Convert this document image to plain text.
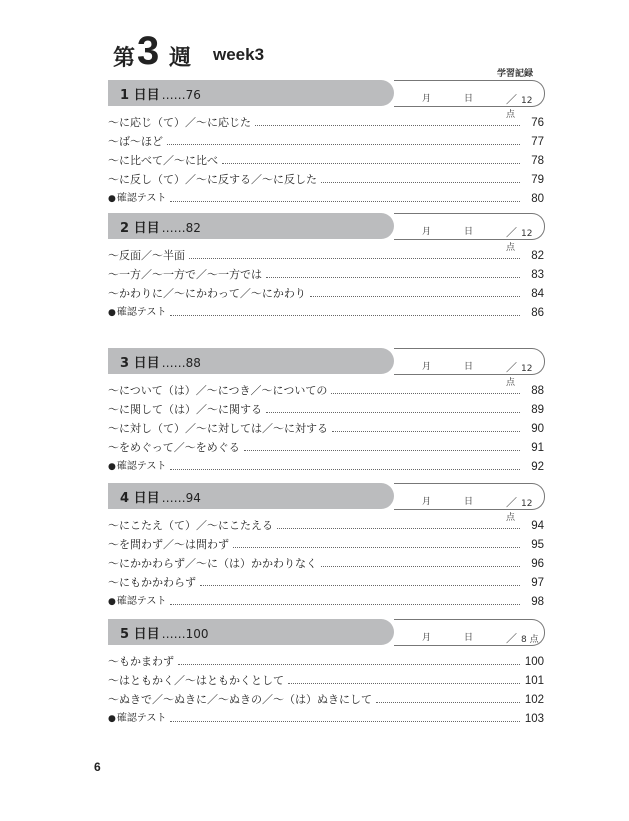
第 3 週 week3
学習記録
1 日目 ……76	月	日	／ 12 点
〜に応じ（て）／〜に応じた	76
〜ば〜ほど	77
〜に比べて／〜に比べ	78
〜に反し（て）／〜に反する／〜に反した	79
●確認テスト	80
2 日目 ……82	月	日	／ 12 点
〜反面／〜半面	82
〜一方／〜一方で／〜一方では	83
〜かわりに／〜にかわって／〜にかわり	84
●確認テスト	86
3 日目 ……88	月	日	／ 12 点
〜について（は）／〜につき／〜についての	88
〜に関して（は）／〜に関する	89
〜に対し（て）／〜に対しては／〜に対する	90
〜をめぐって／〜をめぐる	91
●確認テスト	92
4 日目 ……94	月	日	／ 12 点
〜にこたえ（て）／〜にこたえる	94
〜を問わず／〜は問わず	95
〜にかかわらず／〜に（は）かかわりなく	96
〜にもかかわらず	97
●確認テスト	98
5 日目 ……100	月	日	／ 8 点
〜もかまわず	100
〜はともかく／〜はともかくとして	101
〜ぬきで／〜ぬきに／〜ぬきの／〜（は）ぬきにして	102
●確認テスト	103
6
